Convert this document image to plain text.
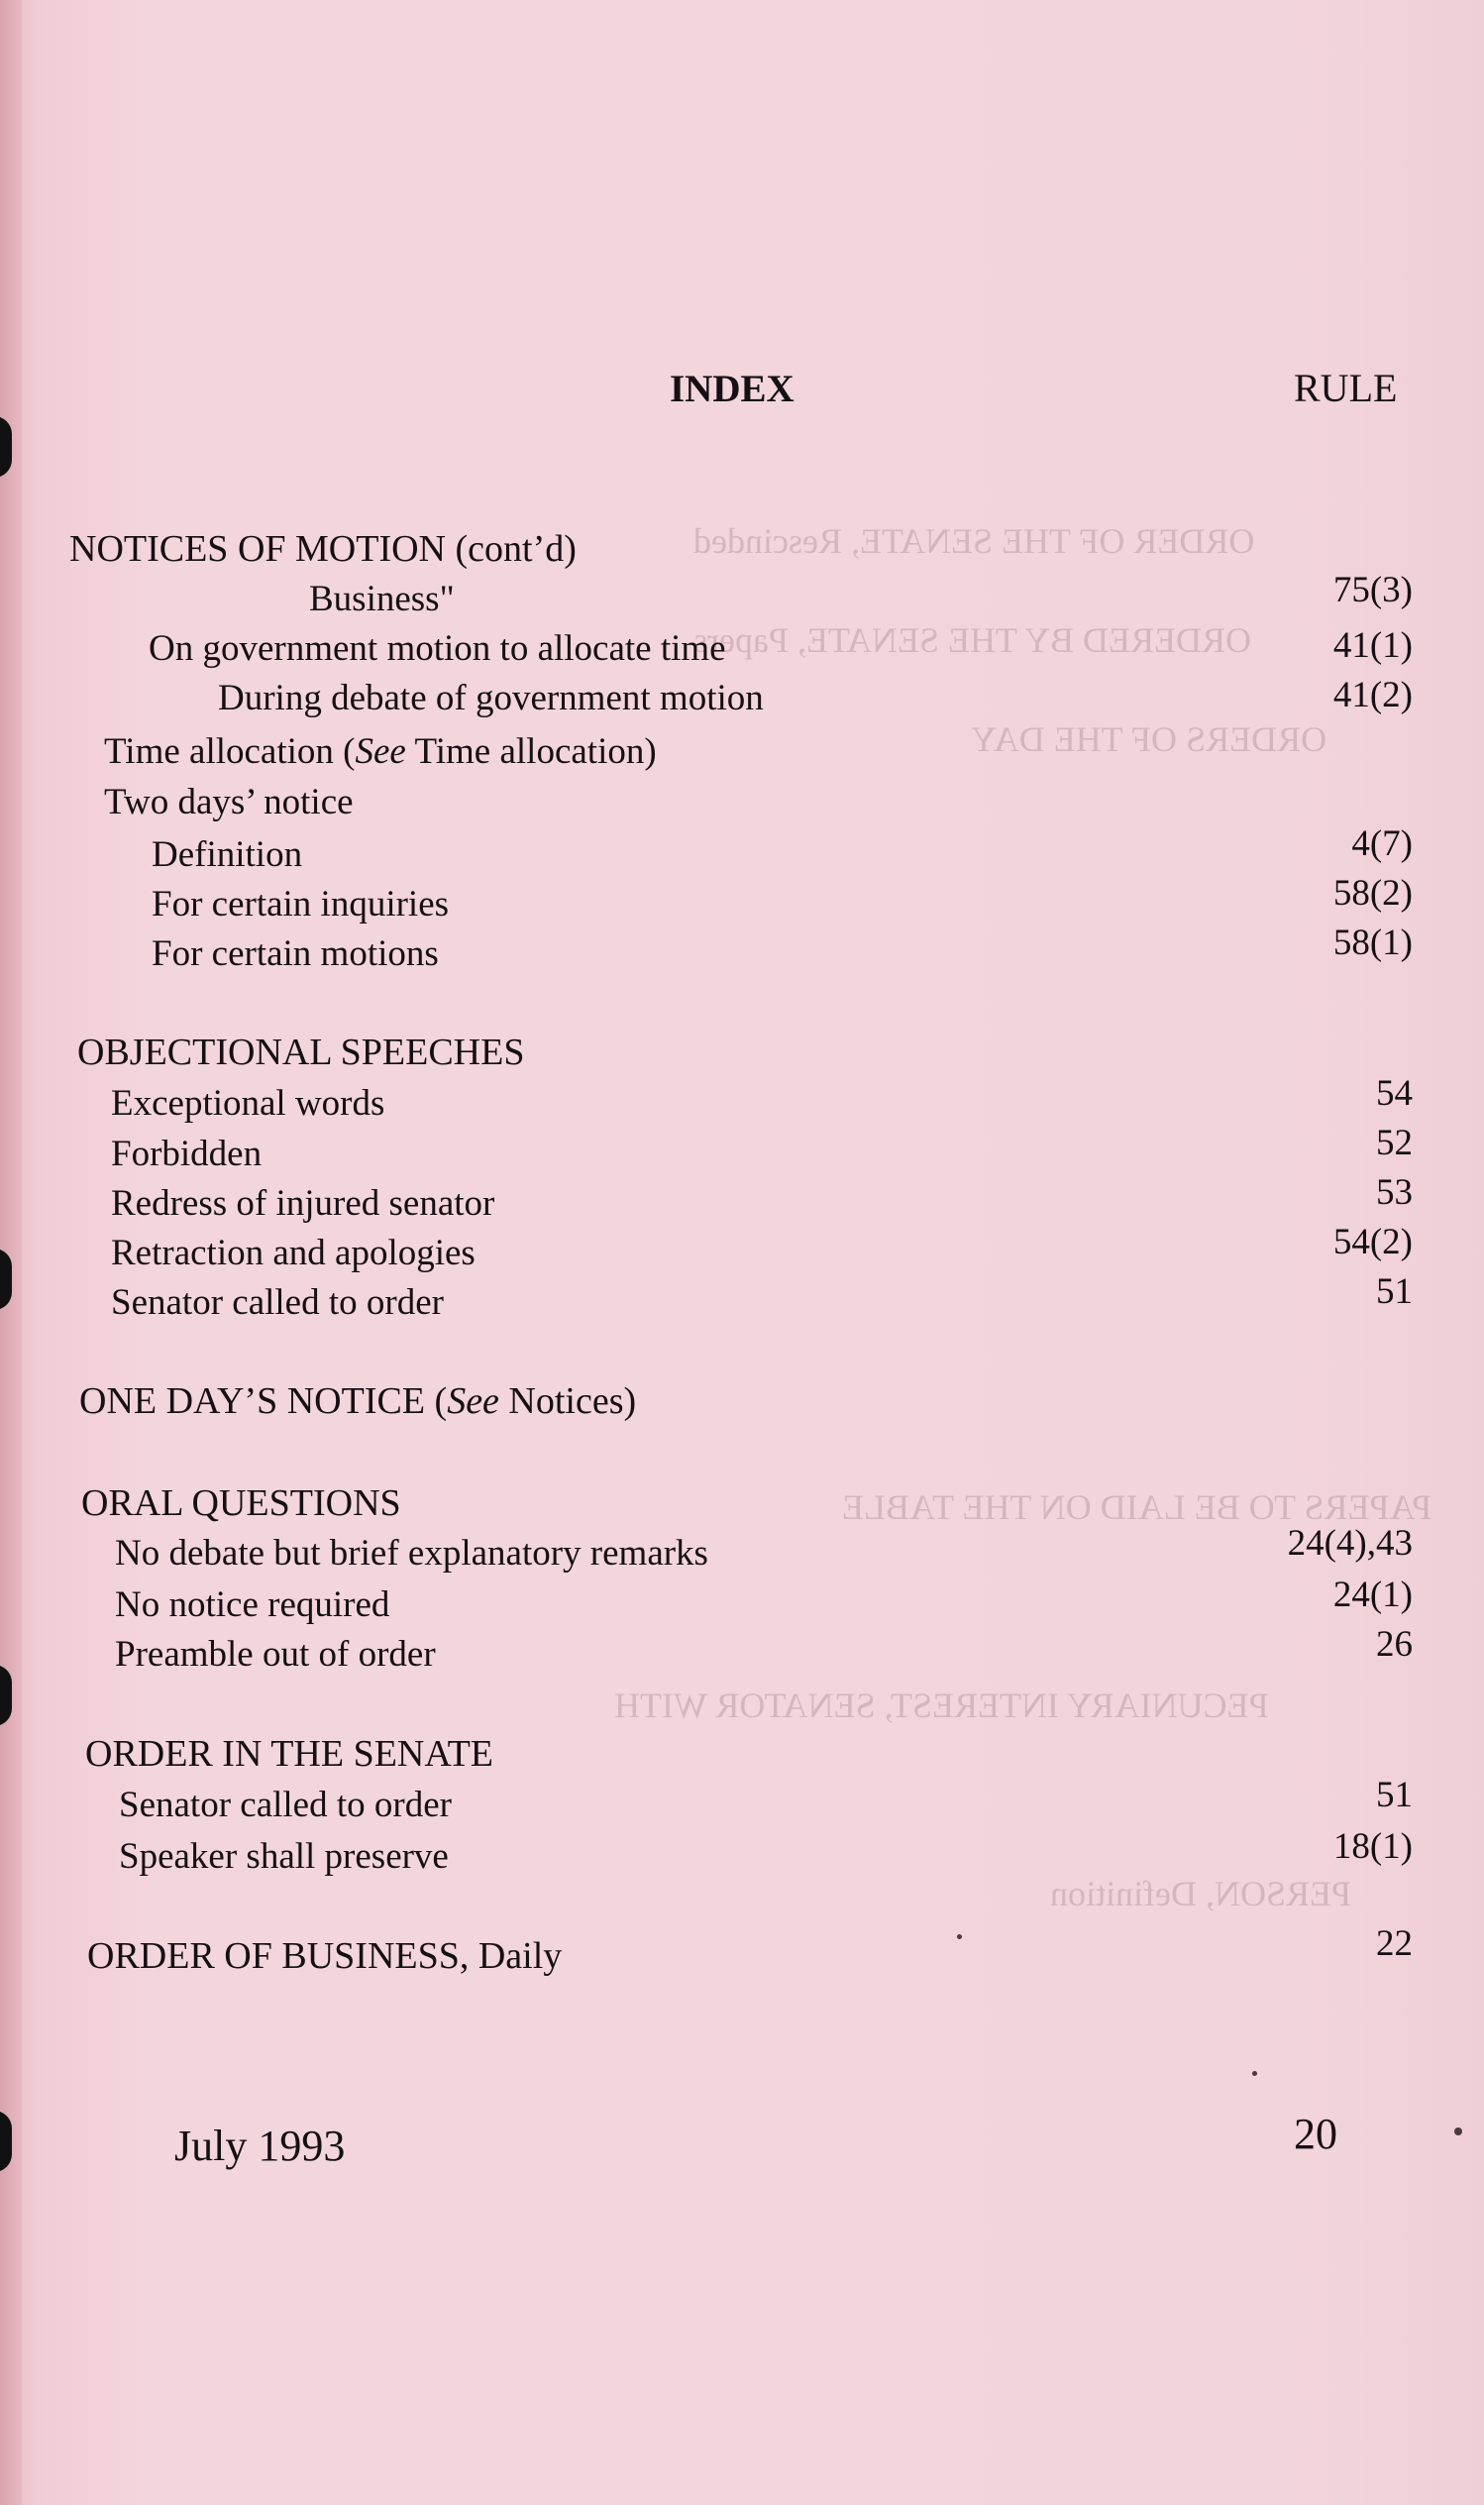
ORDER OF THE SENATE, Rescinded
ORDERED BY THE SENATE, Papers
ORDERS OF THE DAY
PAPERS TO BE LAID ON THE TABLE
PECUNIARY INTEREST, SENATOR WITH
PERSON, Definition
INDEX	RULE
NOTICES OF MOTION (cont’d)
Business"	75(3)
On government motion to allocate time	41(1)
During debate of government motion	41(2)
Time allocation (See Time allocation)
Two days’ notice
Definition	4(7)
For certain inquiries	58(2)
For certain motions	58(1)
OBJECTIONAL SPEECHES
Exceptional words	54
Forbidden	52
Redress of injured senator	53
Retraction and apologies	54(2)
Senator called to order	51
ONE DAY’S NOTICE (See Notices)
ORAL QUESTIONS
No debate but brief explanatory remarks	24(4),43
No notice required	24(1)
Preamble out of order	26
ORDER IN THE SENATE
Senator called to order	51
Speaker shall preserve	18(1)
ORDER OF BUSINESS, Daily	22
July 1993	20
